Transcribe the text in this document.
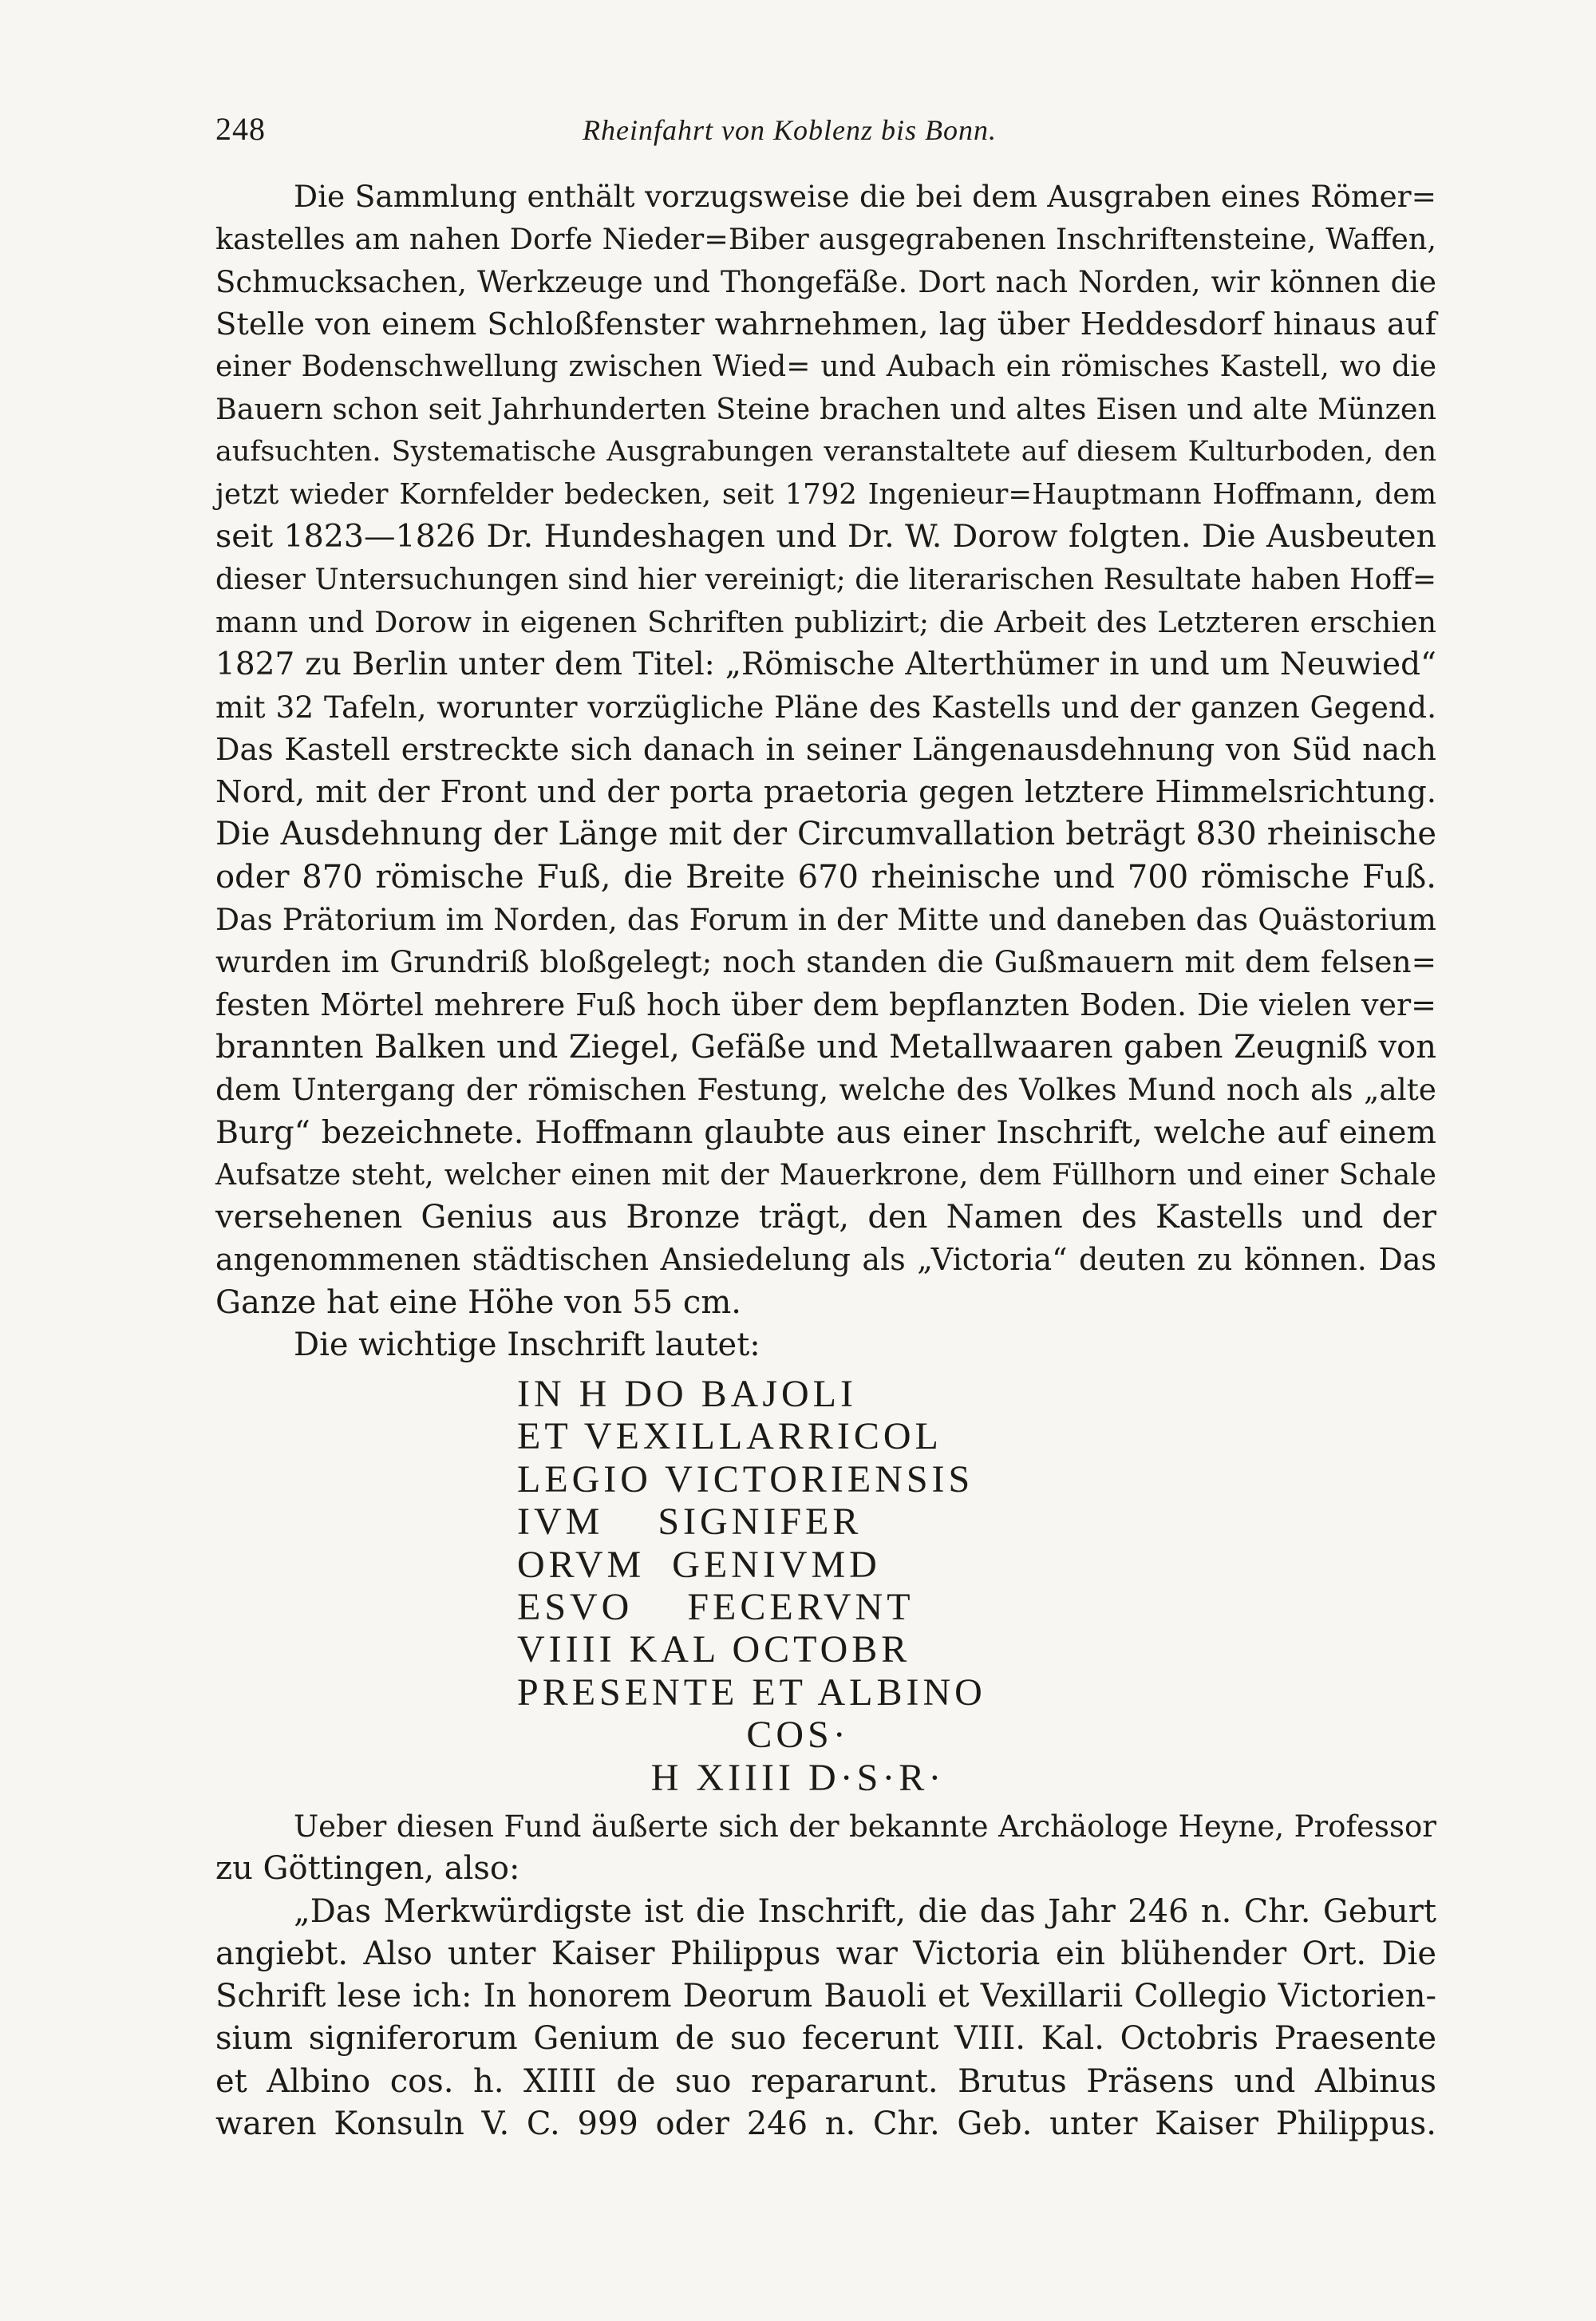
248	Rheinfahrt von Koblenz bis Bonn.
Die Sammlung enthält vorzugsweise die bei dem Ausgraben eines Römer=
kastelles am nahen Dorfe Nieder=Biber ausgegrabenen Inschriftensteine, Waffen,
Schmucksachen, Werkzeuge und Thongefäße. Dort nach Norden, wir können die
Stelle von einem Schloßfenster wahrnehmen, lag über Heddesdorf hinaus auf
einer Bodenschwellung zwischen Wied= und Aubach ein römisches Kastell, wo die
Bauern schon seit Jahrhunderten Steine brachen und altes Eisen und alte Münzen
aufsuchten. Systematische Ausgrabungen veranstaltete auf diesem Kulturboden, den
jetzt wieder Kornfelder bedecken, seit 1792 Ingenieur=Hauptmann Hoffmann, dem
seit 1823—1826 Dr. Hundeshagen und Dr. W. Dorow folgten. Die Ausbeuten
dieser Untersuchungen sind hier vereinigt; die literarischen Resultate haben Hoff=
mann und Dorow in eigenen Schriften publizirt; die Arbeit des Letzteren erschien
1827 zu Berlin unter dem Titel: „Römische Alterthümer in und um Neuwied“
mit 32 Tafeln, worunter vorzügliche Pläne des Kastells und der ganzen Gegend.
Das Kastell erstreckte sich danach in seiner Längenausdehnung von Süd nach
Nord, mit der Front und der porta praetoria gegen letztere Himmelsrichtung.
Die Ausdehnung der Länge mit der Circumvallation beträgt 830 rheinische
oder 870 römische Fuß, die Breite 670 rheinische und 700 römische Fuß.
Das Prätorium im Norden, das Forum in der Mitte und daneben das Quästorium
wurden im Grundriß bloßgelegt; noch standen die Gußmauern mit dem felsen=
festen Mörtel mehrere Fuß hoch über dem bepflanzten Boden. Die vielen ver=
brannten Balken und Ziegel, Gefäße und Metallwaaren gaben Zeugniß von
dem Untergang der römischen Festung, welche des Volkes Mund noch als „alte
Burg“ bezeichnete. Hoffmann glaubte aus einer Inschrift, welche auf einem
Aufsatze steht, welcher einen mit der Mauerkrone, dem Füllhorn und einer Schale
versehenen Genius aus Bronze trägt, den Namen des Kastells und der
angenommenen städtischen Ansiedelung als „Victoria“ deuten zu können. Das
Ganze hat eine Höhe von 55 cm.
Die wichtige Inschrift lautet:
IN H DO BAJOLI
ET VEXILLARRICOL
LEGIO VICTORIENSIS
IVM    SIGNIFER
ORVM  GENIVMD
ESVO    FECERVNT
VIIII KAL OCTOBR
PRESENTE ET ALBINO
COS·
H XIIII D·S·R·
Ueber diesen Fund äußerte sich der bekannte Archäologe Heyne, Professor
zu Göttingen, also:
„Das Merkwürdigste ist die Inschrift, die das Jahr 246 n. Chr. Geburt
angiebt. Also unter Kaiser Philippus war Victoria ein blühender Ort. Die
Schrift lese ich: In honorem Deorum Bauoli et Vexillarii Collegio Victorien-
sium signiferorum Genium de suo fecerunt VIII. Kal. Octobris Praesente
et Albino cos. h. XIIII de suo repararunt. Brutus Präsens und Albinus
waren Konsuln V. C. 999 oder 246 n. Chr. Geb. unter Kaiser Philippus.
